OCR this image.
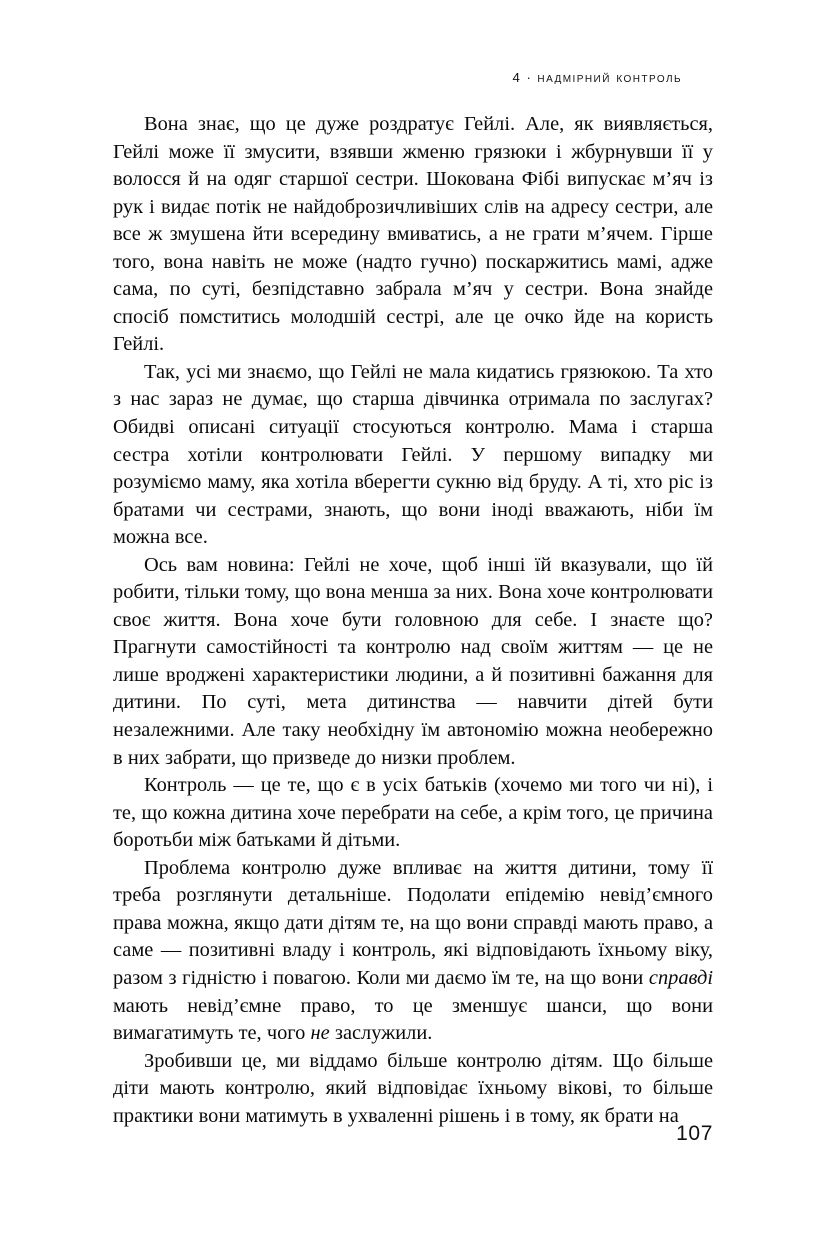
4 · надмірний контроль

Вона знає, що це дуже роздратує Гейлі. Але, як виявляється, Гейлі може її змусити, взявши жменю грязюки і жбурнувши її у волосся й на одяг старшої сестри. Шокована Фібі випускає м’яч із рук і видає потік не найдоброзичливіших слів на адресу сестри, але все ж змушена йти всередину вмиватись, а не грати м’ячем. Гірше того, вона навіть не може (надто гучно) поскаржитись мамі, адже сама, по суті, безпідставно забрала м’яч у сестри. Вона знайде спосіб помститись молодшій сестрі, але це очко йде на користь Гейлі.

Так, усі ми знаємо, що Гейлі не мала кидатись грязюкою. Та хто з нас зараз не думає, що старша дівчинка отримала по заслугах? Обидві описані ситуації стосуються контролю. Мама і старша сестра хотіли контролювати Гейлі. У першому випадку ми розуміємо маму, яка хотіла вберегти сукню від бруду. А ті, хто ріс із братами чи сестрами, знають, що вони іноді вважають, ніби їм можна все.

Ось вам новина: Гейлі не хоче, щоб інші їй вказували, що їй робити, тільки тому, що вона менша за них. Вона хоче контролювати своє життя. Вона хоче бути головною для себе. І знаєте що? Прагнути самостійності та контролю над своїм життям — це не лише вроджені характеристики людини, а й позитивні бажання для дитини. По суті, мета дитинства — навчити дітей бути незалежними. Але таку необхідну їм автономію можна необережно в них забрати, що призведе до низки проблем.

Контроль — це те, що є в усіх батьків (хочемо ми того чи ні), і те, що кожна дитина хоче перебрати на себе, а крім того, це причина боротьби між батьками й дітьми.

Проблема контролю дуже впливає на життя дитини, тому її треба розглянути детальніше. Подолати епідемію невід’ємного права можна, якщо дати дітям те, на що вони справді мають право, а саме — позитивні владу і контроль, які відповідають їхньому віку, разом з гідністю і повагою. Коли ми даємо їм те, на що вони справді мають невід’ємне право, то це зменшує шанси, що вони вимагатимуть те, чого не заслужили.

Зробивши це, ми віддамо більше контролю дітям. Що більше діти мають контролю, який відповідає їхньому вікові, то більше практики вони матимуть в ухваленні рішень і в тому, як брати на

107
